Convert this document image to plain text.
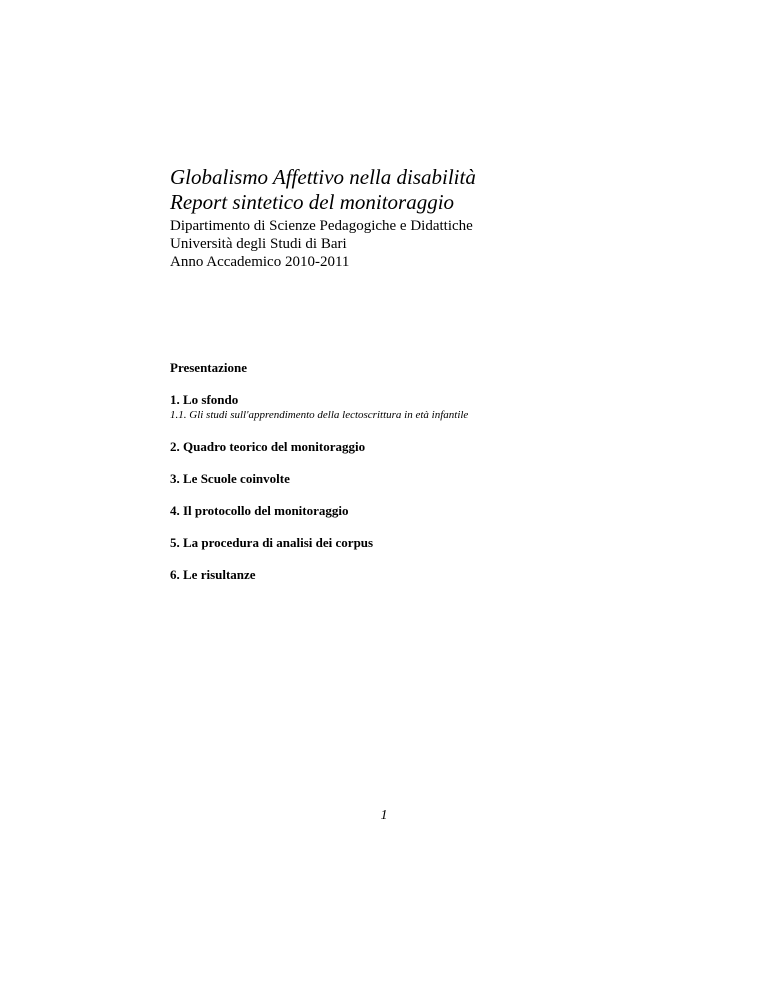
Globalismo Affettivo nella disabilità
Report sintetico del monitoraggio
Dipartimento di Scienze Pedagogiche e Didattiche
Università degli Studi di Bari
Anno Accademico 2010-2011
Presentazione
1. Lo sfondo
1.1. Gli studi sull'apprendimento della lectoscrittura in età infantile
2. Quadro teorico del monitoraggio
3. Le Scuole coinvolte
4. Il protocollo del monitoraggio
5. La procedura di analisi dei corpus
6. Le risultanze
1
